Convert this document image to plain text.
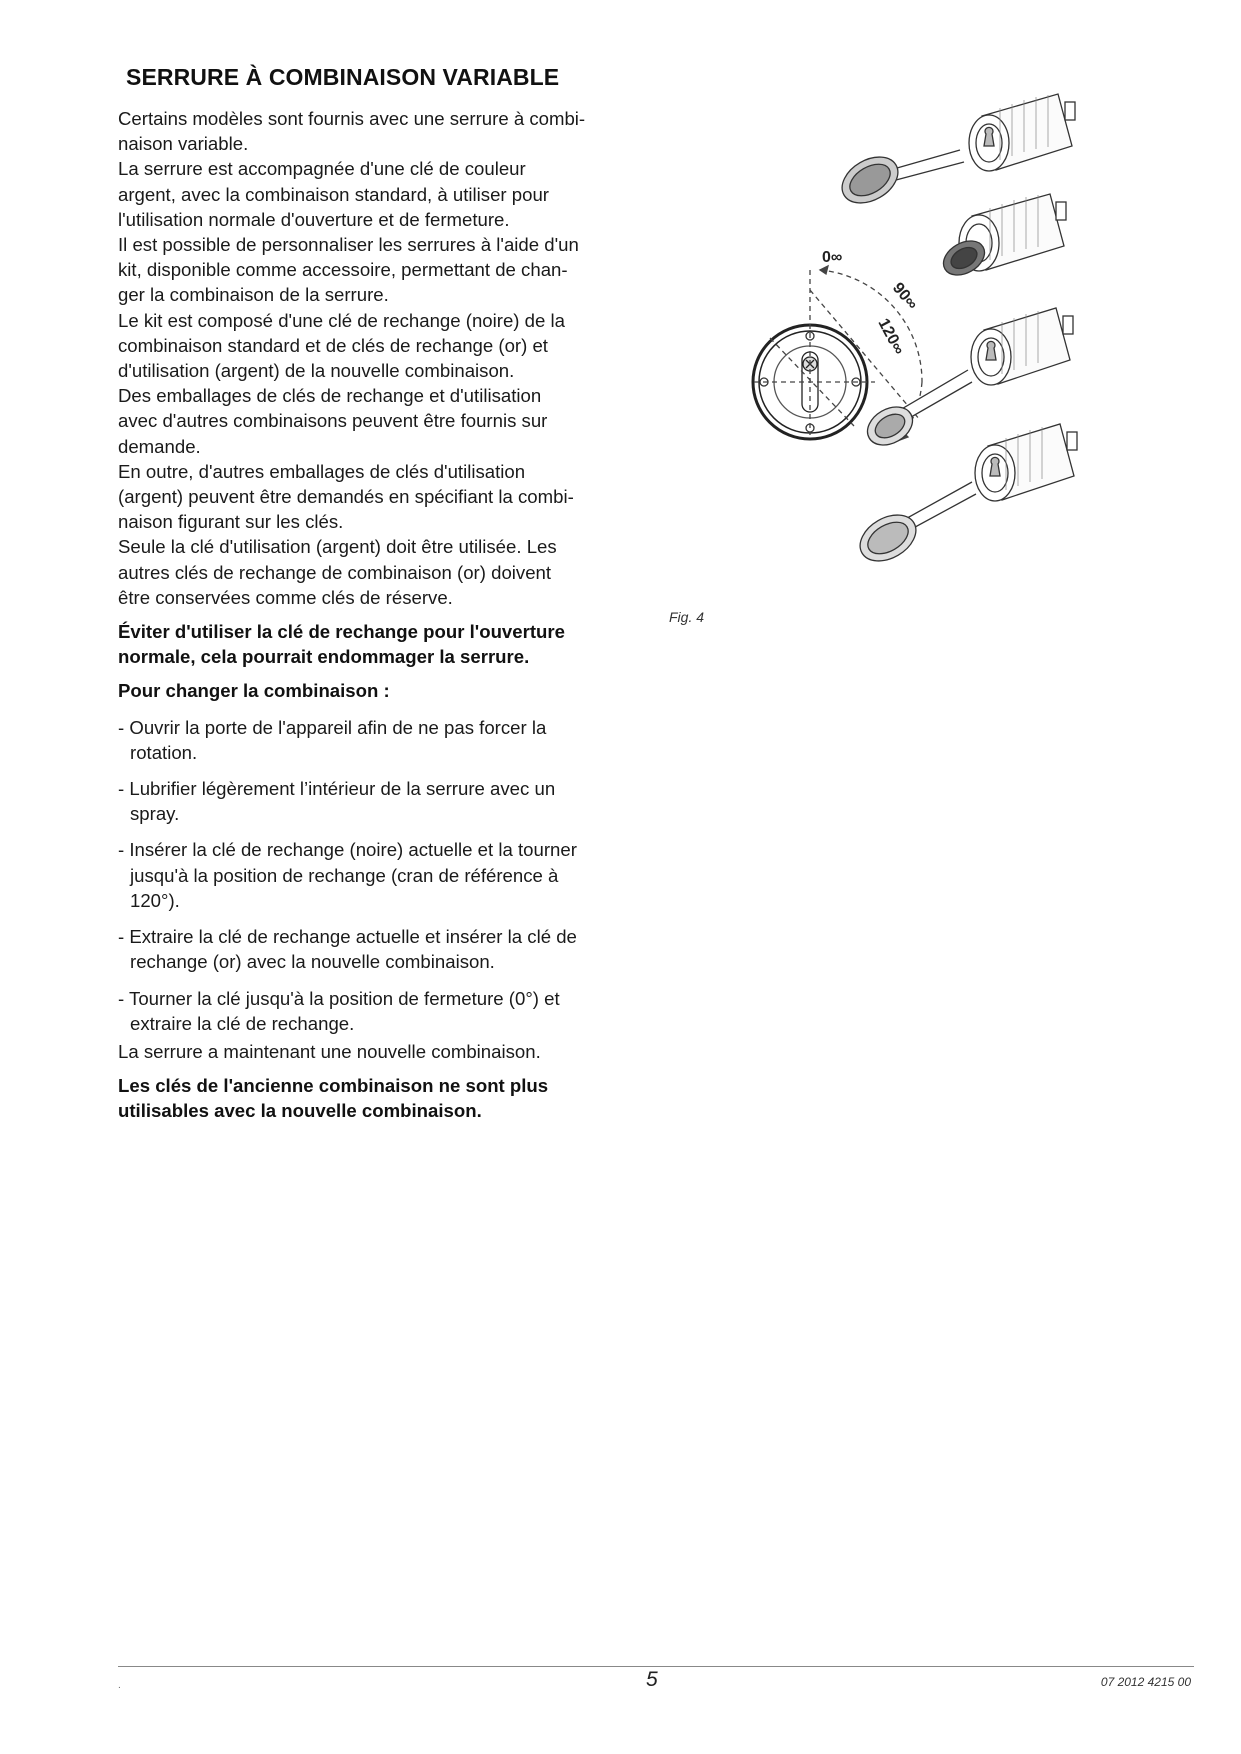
SERRURE À COMBINAISON VARIABLE

Certains modèles sont fournis avec une serrure à combi-
naison variable.
La serrure est accompagnée d'une clé de couleur
argent, avec la combinaison standard, à utiliser pour
l'utilisation normale d'ouverture et de fermeture.
Il est possible de personnaliser les serrures à l'aide d'un
kit, disponible comme accessoire, permettant de chan-
ger la combinaison de la serrure.
Le kit est composé d'une clé de rechange (noire) de la
combinaison standard et de clés de rechange (or) et
d'utilisation (argent) de la nouvelle combinaison.
Des emballages de clés de rechange et d'utilisation
avec d'autres combinaisons peuvent être fournis sur
demande.
En outre, d'autres emballages de clés d'utilisation
(argent) peuvent être demandés en spécifiant la combi-
naison figurant sur les clés.
Seule la clé d'utilisation (argent) doit être utilisée. Les
autres clés de rechange de combinaison (or) doivent
être conservées comme clés de réserve.

Éviter d'utiliser la clé de rechange pour l'ouverture
normale, cela pourrait endommager la serrure.

Pour changer la combinaison :

- Ouvrir la porte de l'appareil afin de ne pas forcer la
rotation.

- Lubrifier légèrement l’intérieur de la serrure avec un
spray.

- Insérer la clé de rechange (noire) actuelle et la tourner
jusqu'à la position de rechange (cran de référence à
120°).

- Extraire la clé de rechange actuelle et insérer la clé de
rechange (or) avec la nouvelle combinaison.

- Tourner la clé jusqu'à la position de fermeture (0°) et
extraire la clé de rechange.

La serrure a maintenant une nouvelle combinaison.

Les clés de l'ancienne combinaison ne sont plus
utilisables avec la nouvelle combinaison.

0∞
90∞
120∞
Fig. 4
.	5	07 2012 4215 00
